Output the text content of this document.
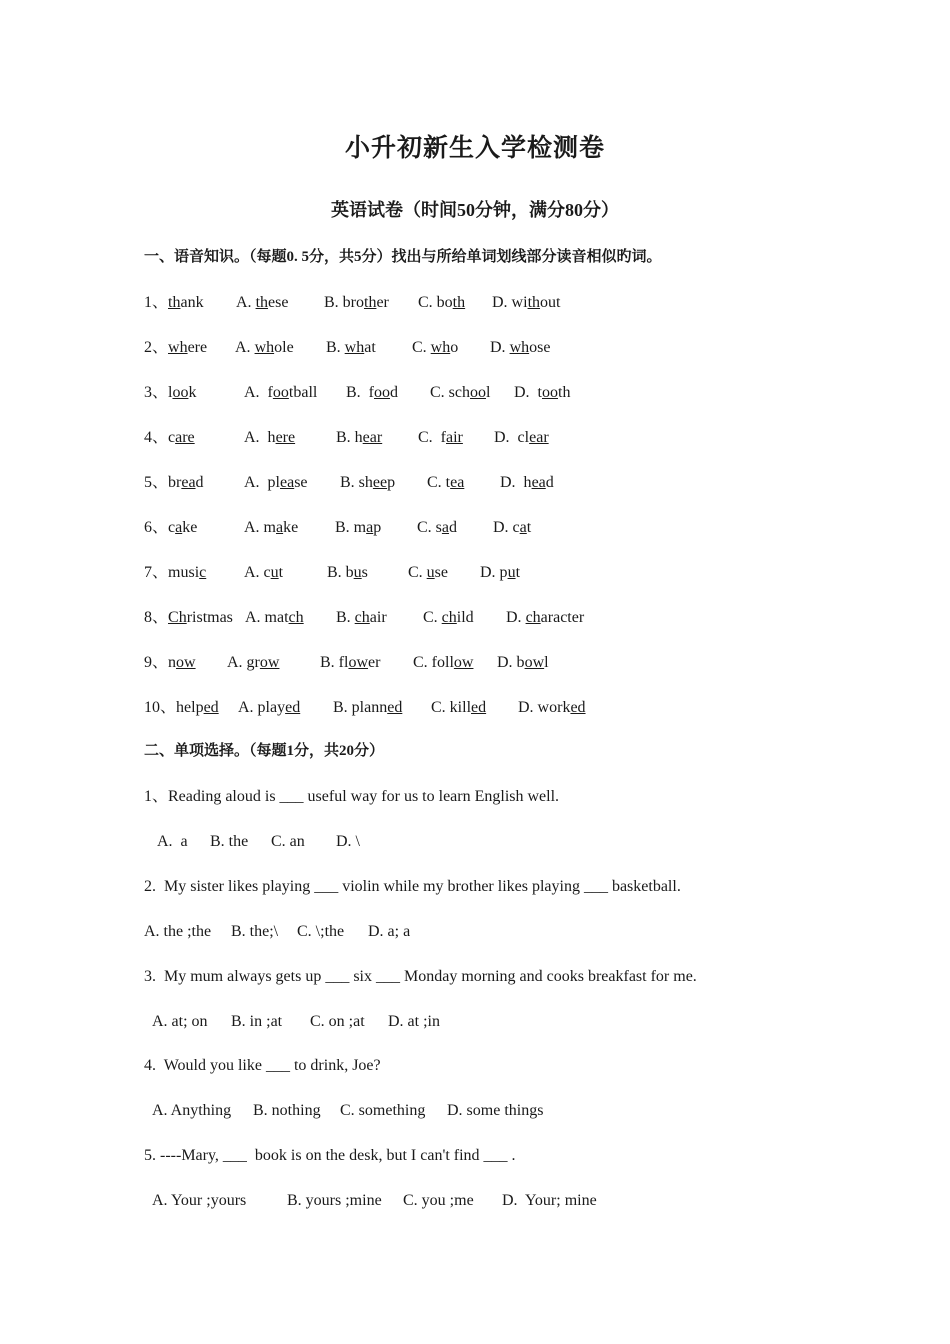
小升初新生入学检测卷
英语试卷（时间50分钟，满分80分）
一、语音知识。（每题0. 5分，共5分）找出与所给单词划线部分读音相似旳词。
1、thank A. these B. brother C. both D. without
2、where A. whole B. what C. who D. whose
3、look	A.  football B.  food C. school D.  tooth
4、care	A.  here	B. hear C.  fair D.  clear
5、bread	A.  please B. sheep C. tea D.  head
6、cake	A. make B. map C. sad D. cat
7、music A. cut	B. bus	C. use D. put
8、Christmas A. match B. chair C. child D. character
9、now A. grow	B. flower C. follow D. bowl
10、helped A. played B. planned C. killed D. worked
二、单项选择。（每题1分，共20分）
1、Reading aloud is ___ useful way for us to learn English well.
A.  a B. the C. an D. \
2.  My sister likes playing ___ violin while my brother likes playing ___ basketball.
A. the ;the B. the;\ C. \;the D. a; a
3.  My mum always gets up ___ six ___ Monday morning and cooks breakfast for me.
A. at; on B. in ;at C. on ;at D. at ;in
4.  Would you like ___ to drink, Joe?
A. Anything B. nothing C. something D. some things
5. ----Mary, ___  book is on the desk, but I can't find ___ .
A. Your ;yours	B. yours ;mine C. you ;me D.  Your; mine
